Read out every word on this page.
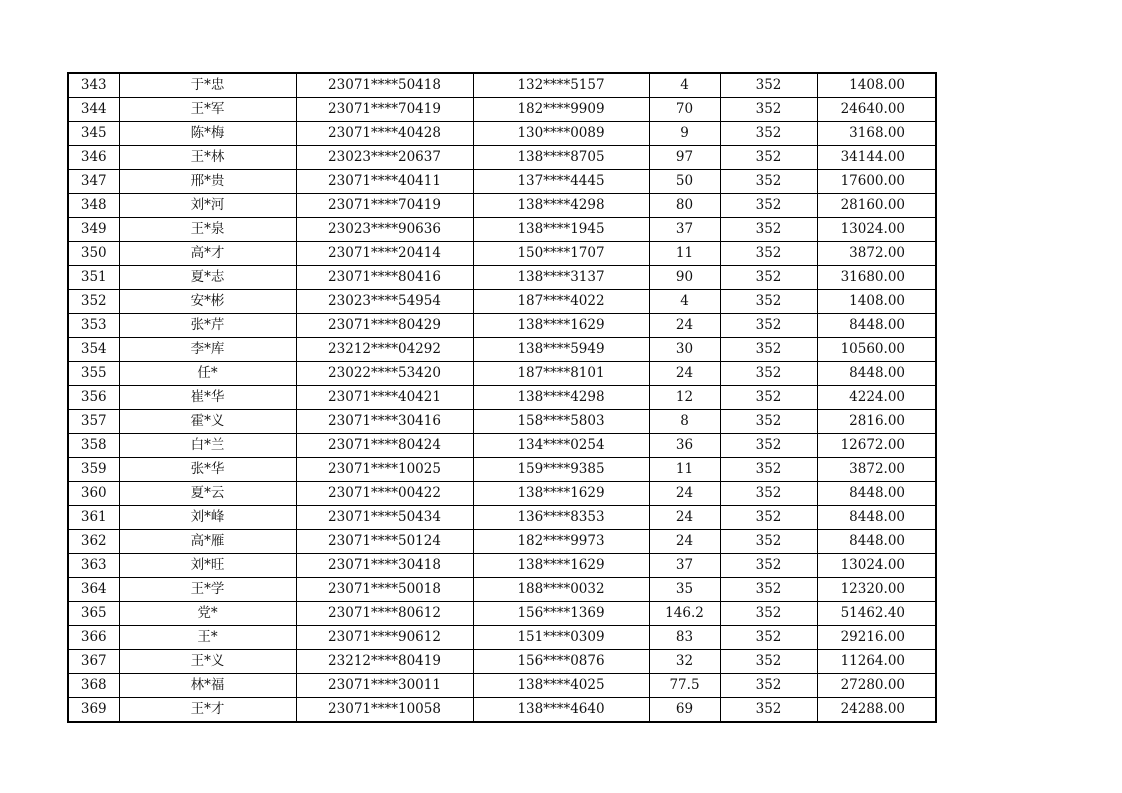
343	于*忠	23071****50418	132****5157	4	352	1408.00
344	王*军	23071****70419	182****9909	70	352	24640.00
345	陈*梅	23071****40428	130****0089	9	352	3168.00
346	王*林	23023****20637	138****8705	97	352	34144.00
347	邢*贵	23071****40411	137****4445	50	352	17600.00
348	刘*河	23071****70419	138****4298	80	352	28160.00
349	王*泉	23023****90636	138****1945	37	352	13024.00
350	高*才	23071****20414	150****1707	11	352	3872.00
351	夏*志	23071****80416	138****3137	90	352	31680.00
352	安*彬	23023****54954	187****4022	4	352	1408.00
353	张*芹	23071****80429	138****1629	24	352	8448.00
354	李*库	23212****04292	138****5949	30	352	10560.00
355	任*	23022****53420	187****8101	24	352	8448.00
356	崔*华	23071****40421	138****4298	12	352	4224.00
357	霍*义	23071****30416	158****5803	8	352	2816.00
358	白*兰	23071****80424	134****0254	36	352	12672.00
359	张*华	23071****10025	159****9385	11	352	3872.00
360	夏*云	23071****00422	138****1629	24	352	8448.00
361	刘*峰	23071****50434	136****8353	24	352	8448.00
362	高*雁	23071****50124	182****9973	24	352	8448.00
363	刘*旺	23071****30418	138****1629	37	352	13024.00
364	王*学	23071****50018	188****0032	35	352	12320.00
365	党*	23071****80612	156****1369	146.2	352	51462.40
366	王*	23071****90612	151****0309	83	352	29216.00
367	王*义	23212****80419	156****0876	32	352	11264.00
368	林*福	23071****30011	138****4025	77.5	352	27280.00
369	王*才	23071****10058	138****4640	69	352	24288.00
